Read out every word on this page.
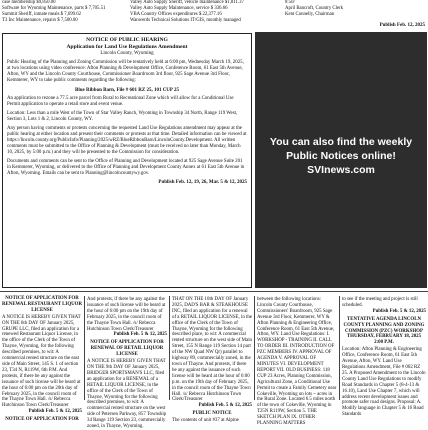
case membership $9,850.00
Software for Wyoming Maintenance, parts $ 7,705.51
Summit Sheriff, inmate meals $ 7,699.62
T3 Inc Maintenance, repairs $ 7,500.00
Valley Auto Supply Sheriff, vehicle maintenance $1,811.37
Valley Auto Supply Maintenance, service $ 336.66
VBA Country Offices expenditures $ 22,377.16
Wanwerds Technical Solutions IT/GIS, monthly managed
8:50/
April Bancroft, Country Clerk
Kent Connelly, Chairman
Publish Feb. 12, 2025
NOTICE OF PUBLIC HEARING
Application for Land Use Regulations Amendment
Lincoln County, Wyoming

Public Hearing of the Planning and Zoning Commission will be tentatively held at 6:00 pm, Wednesday March 19, 2025, at two locations using video conference: Afton Planning & Development Office, Conference Room, 61 East 5th Avenue, Afton, WY and the Lincoln County Courthouse, Commissioner Boardroom 3rd floor, 925 Sage Avenue 3rd Floor, Kemmerer, WY to take public comments regarding the following:

Blue Ribbon Barn, File # 601 RZ 25, 101 CUP 25

An application to rezone a 77.5 acre parcel from Rural to Recreational Zone which will allow for a Conditional Use Permit application to operate a retail store and event venue.

Location: Less than a mile West of the Town of Star Valley Ranch, Wyoming in Township 34 North, Range 119 West, Section 3, Lots 1 & 2, Lincoln County, WY.

Any person having comments or protests concerning the requested Land Use Regulations amendment may appear at the public hearing at either location and present their comments or protests at that time. Detailed information can be viewed at https://lincoln.county.org/PublicInfo/Planning/2025/wRZ/BlueRibbonBarn/LincolnCounty.Development. All written comments must be submitted to the Office of Planning & Development (must be received no later than Monday, March 10, 2025, by 5:00 p.m.) and they will be presented to the Commission for consideration.

Documents and comments can be sent to the Office of Planning and Development located at 925 Sage Avenue Suite 201 in Kemmerer, Wyoming, or delivered to the Office of Planning and Development County Annex at 61 East 5th Avenue in Afton, Wyoming. Emails can be sent to Planning@lincolncountywy.gov.

Publish Feb. 12, 19, 26, Mar. 5 & 12, 2025
You can also find the weekly
Public Notices online!
SVInews.com
NOTICE OF APPLICATION FOR RENEWAL RESTAURANT LIQUOR LICENSE

A NOTICE IS HEREBY GIVEN THAT ON THE 6th DAY OF January 2025, GRUPE LLC, filed an application for a renewed Restaurant Liquor License, in the office of the Clerk of the Town of Thayne, Wyoming, for the following described premises, to wit: A commercial rented structure on the east side of Main Street, 145 S. 1 of section 23, T34 N, R119W, 6th P.M. And protests, if there be any against the issuance of such license will be heard at the hour of 6:00 pm on the 20th day of February 2025, in the council room of the Thayne Town Hall. /s/ Rebecca Hutchinson Town Clerk/Treasurer

Publish Feb. 5 & 12, 2025
NOTICE OF APPLICATION FOR

And protests, if there be any against the issuance of such license will be heard at the hour of 6:00 pm on the 19th day of February 2025, in the council room of the Thayne Town Hall. /s/ Rebecca Hutchinson Town Clerk/Treasurer

Publish Feb. 5 & 12, 2025
NOTICE OF APPLICATION FOR RENEWAL OF RETAIL LIQUOR LICENSE

A NOTICE IS HEREBY GIVEN THAT ON THE 9th DAY OF January 2025, BRIDGER SPORTSMAN'S LLC, filed an application for a RENEWAL of a RETAIL LIQUOR LICENSE, in the office of the Clerk of the Town of Thayne, Wyoming for the following described premises, to wit: A commercial rented structure on the west side of Petersen Parkway, 857 Township 34 Range 119 Section 23, commercially zoned, in Thayne, Wyoming.

THAT ON THE 10th DAY OF January 2025, DAD'S BAR & STEAKHOUSE INC, filed an application for a renewal of a RETAIL LIQUOR LICENSE, in the office of the Clerk of the Town of Thayne, Wyoming for the following described place, to wit: A commercial rented structure on the west side of Main Street, 155 N Range 119 Section 14 part of the NW Quad NW Qr) parallel to highway 89, commercially zoned, in the town of Thayne. And protests, if there be any against the issuance of such license will be heard at the hour of 6:00 p.m. on the 19th day of February 2025, in the council room of the Thayne Town Hall. /s/ Rebecca Hutchinson Town Clerk/Treasurer

Publish Feb. 5 & 12, 2025
PUBLIC NOTICE

The contents of unit #37 at Alpine

between the following locations: Lincoln County Courthouse, Commissioners' Boardroom, 925 Sage Avenue 3rd Floor, Kemmerer, WY & Afton Planning & Engineering Office, Conference Room, 61 East 5th Avenue, Afton, WY. Land Use Regulations: I. WORKSHOP - TRAINING II. CALL TO ORDER III. INTRODUCTION OF PZC MEMBERS IV. APPROVAL OF AGENDA V. APPROVAL OF MINUTES VI. DEVELOPMENT REPORT VII. OLD BUSINESS: 118 CUP 23 Acres, Planning Commission, Agricultural Zone, a Conditional Use Permit to create a Family Cemetery near Cokeville, Wyoming on lots ~ acres in the Rural Zone. Located 6.5 miles north of the town of Cokeville, Wyoming in T25N R119W, Section 5. THE SKETCH PLAN IX. OTHER PLANNING MATTERS

to see if the meeting and project is still scheduled.

Publish Feb. 5 & 12, 2025
TENTATIVE AGENDA LINCOLN COUNTY PLANNING AND ZONING COMMISSION (PZC) WORKSHOP THURSDAY, FEBRUARY 18, 2025 2:00 P.M.

Location: Afton Planning & Engineering Office, Conference Room, 61 East 5th Avenue, Afton, WY. Land Use Regulations Amendment, File # 002 RZ 25. A Proposed Amendment to the Lincoln County Land Use Regulations to modify Road Standards in Chapter 5 (8-4-13 & 16.10), Land Use Chapter 7, which will address recent development issues and promote safer road designs. Proposal: A. Modify language in Chapter 5 & 16 Road Standards
